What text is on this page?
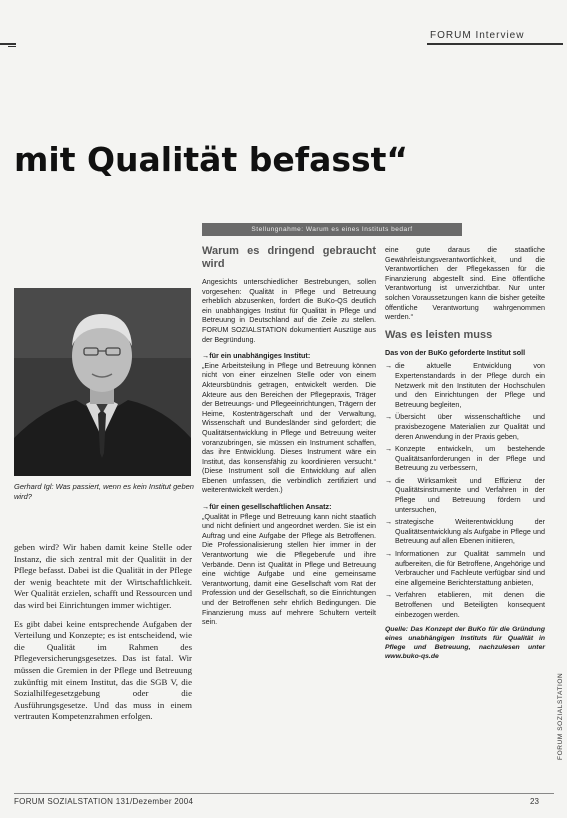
FORUM Interview
mit Qualität befasst“
Gerhard Igl: Was passiert, wenn es kein Institut geben wird?

geben wird? Wir haben damit keine Stelle oder Instanz, die sich zentral mit der Qualität in der Pflege befasst. Dabei ist die Qualität in der Pflege der wenig beachtete mit der Wirtschaftlichkeit. Wer Qualität erzielen, schafft und Ressourcen und das wird bei Einrichtungen immer wichtiger.

Es gibt dabei keine entsprechende Aufgaben der Verteilung und Konzepte; es ist entscheidend, wie die Qualität im Rahmen des Pflegeversicherungsgesetzes. Das ist fatal. Wir müssen die Gremien in der Pflege und Betreuung zukünftig mit einem Institut, das die SGB V, die Sozialhilfegesetzgebung oder die Ausführungsgesetze. Und das muss in einem vertrauten Kompetenzrahmen erfolgen.

Stellungnahme: Warum es eines Instituts bedarf
Warum es dringend gebraucht wird

Angesichts unterschiedlicher Bestrebungen, sollen vorgesehen: Qualität in Pflege und Betreuung erheblich abzusenken, fordert die BuKo-QS deutlich ein unabhängiges Institut für Qualität in Pflege und Betreuung in Deutschland auf die Zeile zu stellen. FORUM SOZIALSTATION dokumentiert Auszüge aus der Begründung.

→ für ein unabhängiges Institut:

„Eine Arbeitsteilung in Pflege und Betreuung können nicht von einer einzelnen Stelle oder von einem Akteursbündnis getragen, entwickelt werden. Die Akteure aus den Bereichen der Pflegepraxis, Träger der Betreuungs- und Pflegeeinrichtungen, Trägern der Heime, Kostenträgerschaft und der Verwaltung, Wissenschaft und Bundesländer sind gefordert; die Qualitätsentwicklung in Pflege und Betreuung weiter voranzubringen, sie müssen ein Instrument schaffen, das ihre Entwicklung. Dieses Instrument wäre ein Institut, das konsensfähig zu koordinieren versucht.“ (Diese Instrument soll die Entwicklung auf allen Ebenen umfassen, die verbindlich zertifiziert und weiterentwickelt werden.)

→ für einen gesellschaftlichen Ansatz:

„Qualität in Pflege und Betreuung kann nicht staatlich und nicht definiert und angeordnet werden. Sie ist ein Auftrag und eine Aufgabe der Pflege als Betroffenen. Die Professionalisierung stellen hier immer in der Verantwortung wie die Pflegeberufe und ihre Verbände. Denn ist Qualität in Pflege und Betreuung eine wichtige Aufgabe und eine gemeinsame Verantwortung, damit eine Gesellschaft vom Rat der Profession und der Gesellschaft, so die Einrichtungen und der Betroffenen sehr ehrlich Bedingungen. Die Finanzierung muss auf mehrere Schultern verteilt sein.

eine gute daraus die staatliche Gewährleistungsverantwortlichkeit, und die Verantwortlichen der Pflegekassen für die Finanzierung abgestellt sind. Eine öffentliche Verantwortung ist unverzichtbar. Nur unter solchen Voraussetzungen kann die bisher geteilte öffentliche Verantwortung wahrgenommen werden.“

Was es leisten muss
Das von der BuKo geforderte Institut soll
→ die aktuelle Entwicklung von Expertenstandards in der Pflege durch ein Netzwerk mit den Instituten der Hochschulen und den Einrichtungen der Pflege und Betreuung begleiten,
→ Übersicht über wissenschaftliche und praxisbezogene Materialien zur Qualität und deren Anwendung in der Praxis geben,
→ Konzepte entwickeln, um bestehende Qualitätsanforderungen in der Pflege und Betreuung zu verbessern,
→ die Wirksamkeit und Effizienz der Qualitätsinstrumente und Verfahren in der Pflege und Betreuung fördern und untersuchen,
→ strategische Weiterentwicklung der Qualitätsentwicklung als Aufgabe in Pflege und Betreuung auf allen Ebenen initiieren,
→ Informationen zur Qualität sammeln und aufbereiten, die für Betroffene, Angehörige und Verbraucher und Fachleute verfügbar sind und eine allgemeine Berichterstattung anbieten,
→ Verfahren etablieren, mit denen die Betroffenen und Beteiligten konsequent einbezogen werden.
Quelle: Das Konzept der BuKo für die Gründung eines unabhängigen Instituts für Qualität in Pflege und Betreuung, nachzulesen unter www.buko-qs.de
FORUM SOZIALSTATION
FORUM SOZIALSTATION 131/Dezember 2004	23
